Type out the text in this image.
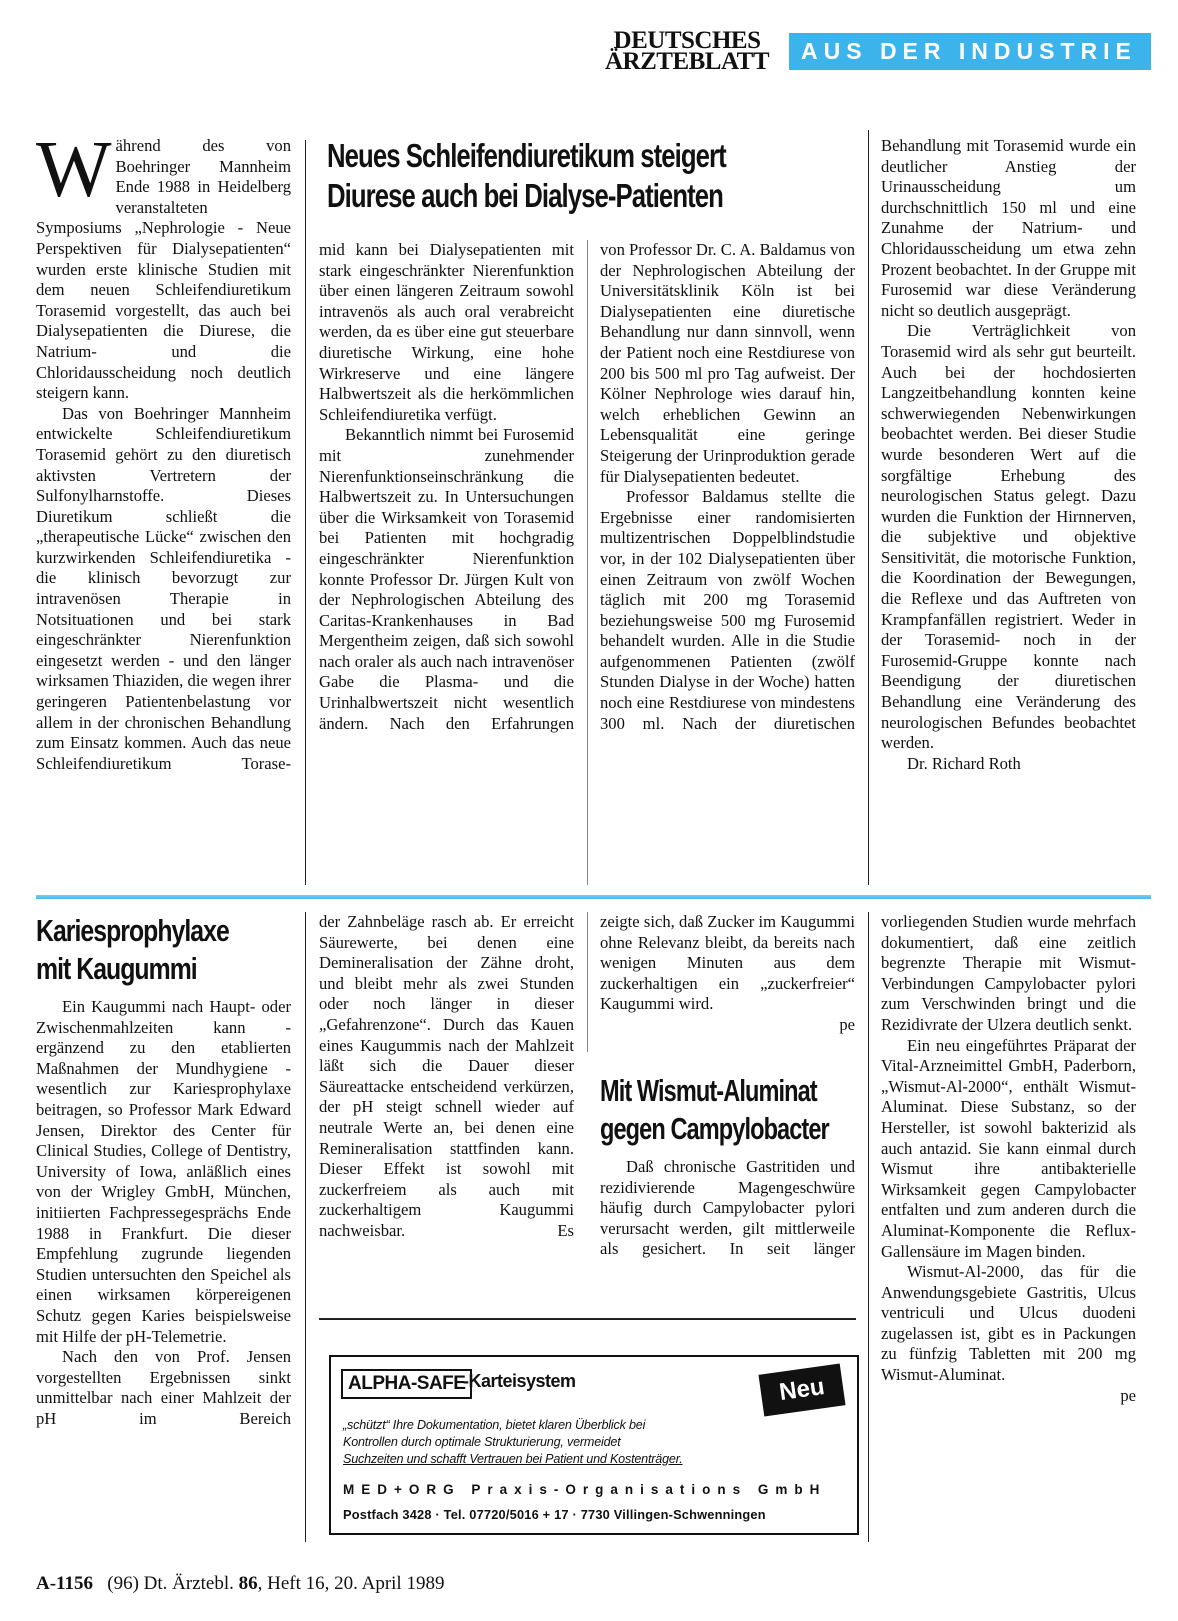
DEUTSCHES
ÄRZTEBLATT	AUS DER INDUSTRIE
Neues Schleifendiuretikum steigert
Diurese auch bei Dialyse-Patienten
W ährend des von Boehringer Mannheim Ende 1988 in Heidelberg veranstalteten Symposiums „Nephrologie - Neue Perspektiven für Dialysepatienten“ wurden erste klinische Studien mit dem neuen Schleifendiuretikum Torasemid vorgestellt, das auch bei Dialysepatienten die Diurese, die Natrium- und die Chloridausscheidung noch deutlich steigern kann.

Das von Boehringer Mannheim entwickelte Schleifendiuretikum Torasemid gehört zu den diuretisch aktivsten Vertretern der Sulfonylharnstoffe. Dieses Diuretikum schließt die „therapeutische Lücke“ zwischen den kurzwirkenden Schleifendiuretika - die klinisch bevorzugt zur intravenösen Therapie in Notsituationen und bei stark eingeschränkter Nierenfunktion eingesetzt werden - und den länger wirksamen Thiaziden, die wegen ihrer geringeren Patientenbelastung vor allem in der chronischen Behandlung zum Einsatz kommen. Auch das neue Schleifendiuretikum Torase-

mid kann bei Dialysepatienten mit stark eingeschränkter Nierenfunktion über einen längeren Zeitraum sowohl intravenös als auch oral verabreicht werden, da es über eine gut steuerbare diuretische Wirkung, eine hohe Wirkreserve und eine längere Halbwertszeit als die herkömmlichen Schleifendiuretika verfügt.

Bekanntlich nimmt bei Furosemid mit zunehmender Nierenfunktionseinschränkung die Halbwertszeit zu. In Untersuchungen über die Wirksamkeit von Torasemid bei Patienten mit hochgradig eingeschränkter Nierenfunktion konnte Professor Dr. Jürgen Kult von der Nephrologischen Abteilung des Caritas-Krankenhauses in Bad Mergentheim zeigen, daß sich sowohl nach oraler als auch nach intravenöser Gabe die Plasma- und die Urinhalbwertszeit nicht wesentlich ändern. Nach den Erfahrungen

von Professor Dr. C. A. Baldamus von der Nephrologischen Abteilung der Universitätsklinik Köln ist bei Dialysepatienten eine diuretische Behandlung nur dann sinnvoll, wenn der Patient noch eine Restdiurese von 200 bis 500 ml pro Tag aufweist. Der Kölner Nephrologe wies darauf hin, welch erheblichen Gewinn an Lebensqualität eine geringe Steigerung der Urinproduktion gerade für Dialysepatienten bedeutet.

Professor Baldamus stellte die Ergebnisse einer randomisierten multizentrischen Doppelblindstudie vor, in der 102 Dialysepatienten über einen Zeitraum von zwölf Wochen täglich mit 200 mg Torasemid beziehungsweise 500 mg Furosemid behandelt wurden. Alle in die Studie aufgenommenen Patienten (zwölf Stunden Dialyse in der Woche) hatten noch eine Restdiurese von mindestens 300 ml. Nach der diuretischen

Behandlung mit Torasemid wurde ein deutlicher Anstieg der Urinausscheidung um durchschnittlich 150 ml und eine Zunahme der Natrium- und Chloridausscheidung um etwa zehn Prozent beobachtet. In der Gruppe mit Furosemid war diese Veränderung nicht so deutlich ausgeprägt.

Die Verträglichkeit von Torasemid wird als sehr gut beurteilt. Auch bei der hochdosierten Langzeitbehandlung konnten keine schwerwiegenden Nebenwirkungen beobachtet werden. Bei dieser Studie wurde besonderen Wert auf die sorgfältige Erhebung des neurologischen Status gelegt. Dazu wurden die Funktion der Hirnnerven, die subjektive und objektive Sensitivität, die motorische Funktion, die Koordination der Bewegungen, die Reflexe und das Auftreten von Krampfanfällen registriert. Weder in der Torasemid- noch in der Furosemid-Gruppe konnte nach Beendigung der diuretischen Behandlung eine Veränderung des neurologischen Befundes beobachtet werden.

Dr. Richard Roth
Kariesprophylaxe
mit Kaugummi

Ein Kaugummi nach Haupt- oder Zwischenmahlzeiten kann - ergänzend zu den etablierten Maßnahmen der Mundhygiene - wesentlich zur Kariesprophylaxe beitragen, so Professor Mark Edward Jensen, Direktor des Center für Clinical Studies, College of Dentistry, University of Iowa, anläßlich eines von der Wrigley GmbH, München, initiierten Fachpressegesprächs Ende 1988 in Frankfurt. Die dieser Empfehlung zugrunde liegenden Studien untersuchten den Speichel als einen wirksamen körpereigenen Schutz gegen Karies beispielsweise mit Hilfe der pH-Telemetrie.

Nach den von Prof. Jensen vorgestellten Ergebnissen sinkt unmittelbar nach einer Mahlzeit der pH im Bereich

der Zahnbeläge rasch ab. Er erreicht Säurewerte, bei denen eine Demineralisation der Zähne droht, und bleibt mehr als zwei Stunden oder noch länger in dieser „Gefahrenzone“. Durch das Kauen eines Kaugummis nach der Mahlzeit läßt sich die Dauer dieser Säureattacke entscheidend verkürzen, der pH steigt schnell wieder auf neutrale Werte an, bei denen eine Remineralisation stattfinden kann. Dieser Effekt ist sowohl mit zuckerfreiem als auch mit zuckerhaltigem Kaugummi nachweisbar. Es

zeigte sich, daß Zucker im Kaugummi ohne Relevanz bleibt, da bereits nach wenigen Minuten aus dem zuckerhaltigen ein „zuckerfreier“ Kaugummi wird.

pe
Mit Wismut-Aluminat
gegen Campylobacter

Daß chronische Gastritiden und rezidivierende Magengeschwüre häufig durch Campylobacter pylori verursacht werden, gilt mittlerweile als gesichert. In seit länger

vorliegenden Studien wurde mehrfach dokumentiert, daß eine zeitlich begrenzte Therapie mit Wismut-Verbindungen Campylobacter pylori zum Verschwinden bringt und die Rezidivrate der Ulzera deutlich senkt.

Ein neu eingeführtes Präparat der Vital-Arzneimittel GmbH, Paderborn, „Wismut-Al-2000“, enthält Wismut-Aluminat. Diese Substanz, so der Hersteller, ist sowohl bakterizid als auch antazid. Sie kann einmal durch Wismut ihre antibakterielle Wirksamkeit gegen Campylobacter entfalten und zum anderen durch die Aluminat-Komponente die Reflux-Gallensäure im Magen binden.

Wismut-Al-2000, das für die Anwendungsgebiete Gastritis, Ulcus ventriculi und Ulcus duodeni zugelassen ist, gibt es in Packungen zu fünfzig Tabletten mit 200 mg Wismut-Aluminat.

pe
ALPHA-SAFE
-Karteisystem	Neu
„schützt“ Ihre Dokumentation, bietet klaren Überblick bei
Kontrollen durch optimale Strukturierung, vermeidet
Suchzeiten und schafft Vertrauen bei Patient und Kostenträger.
MED+ORG Praxis-Organisations GmbH
Postfach 3428 · Tel. 07720/5016 + 17 · 7730 Villingen-Schwenningen
A-1156 (96) Dt. Ärztebl. 86, Heft 16, 20. April 1989
